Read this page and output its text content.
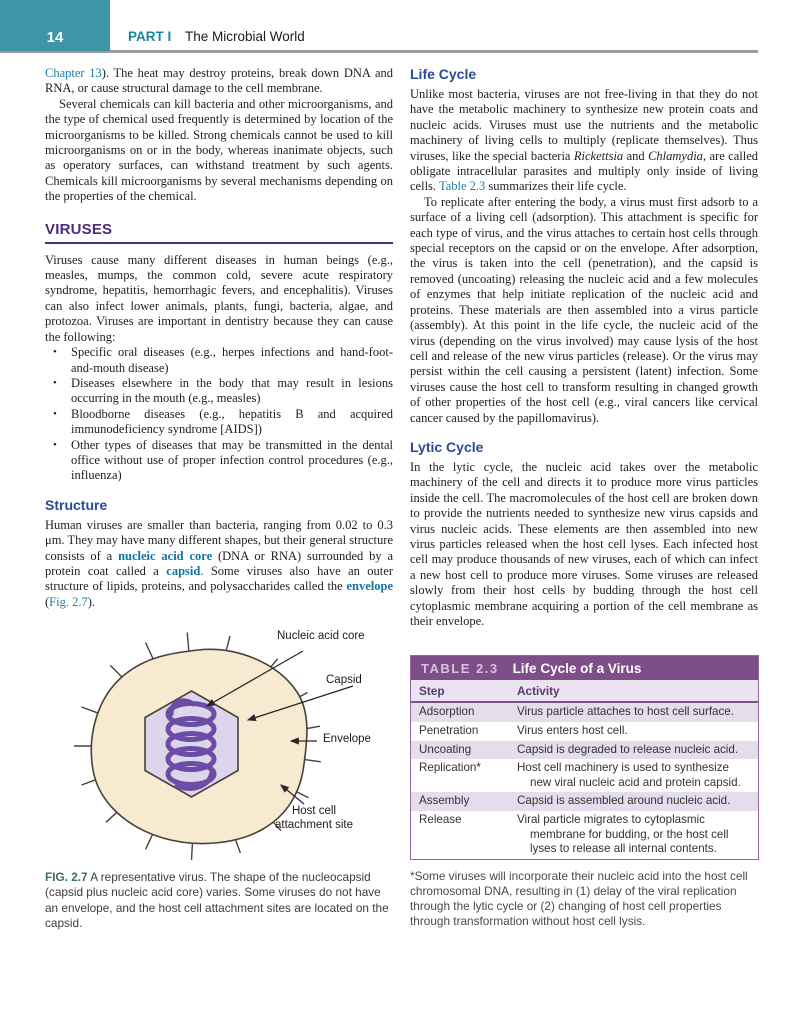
14	PART I The Microbial World

Chapter 13). The heat may destroy proteins, break down DNA and RNA, or cause structural damage to the cell membrane.

Several chemicals can kill bacteria and other microorganisms, and the type of chemical used frequently is determined by location of the microorganisms to be killed. Strong chemicals cannot be used to kill microorganisms on or in the body, whereas inanimate objects, such as operatory surfaces, can withstand treatment by such agents. Chemicals kill microorganisms by several mechanisms depending on the properties of the chemical.

VIRUSES

Viruses cause many different diseases in human beings (e.g., measles, mumps, the common cold, severe acute respiratory syndrome, hepatitis, hemorrhagic fevers, and encephalitis). Viruses can also infect lower animals, plants, fungi, bacteria, algae, and protozoa. Viruses are important in dentistry because they can cause the following:

• Specific oral diseases (e.g., herpes infections and hand-foot-and-mouth disease)
• Diseases elsewhere in the body that may result in lesions occurring in the mouth (e.g., measles)
• Bloodborne diseases (e.g., hepatitis B and acquired immunodeficiency syndrome [AIDS])
• Other types of diseases that may be transmitted in the dental office without use of proper infection control procedures (e.g., influenza)
Structure

Human viruses are smaller than bacteria, ranging from 0.02 to 0.3 μm. They may have many different shapes, but their general structure consists of a nucleic acid core (DNA or RNA) surrounded by a protein coat called a capsid. Some viruses also have an outer structure of lipids, proteins, and polysaccharides called the envelope (Fig. 2.7).

Nucleic acid core
Capsid
Envelope
Host cell
attachment site
FIG. 2.7 A representative virus. The shape of the nucleocapsid (capsid plus nucleic acid core) varies. Some viruses do not have an envelope, and the host cell attachment sites are located on the capsid.
Life Cycle

Unlike most bacteria, viruses are not free-living in that they do not have the metabolic machinery to synthesize new protein coats and nucleic acids. Viruses must use the nutrients and the metabolic machinery of living cells to multiply (replicate themselves). Thus viruses, like the special bacteria Rickettsia and Chlamydia, are called obligate intracellular parasites and multiply only inside of living cells. Table 2.3 summarizes their life cycle.

To replicate after entering the body, a virus must first adsorb to a surface of a living cell (adsorption). This attachment is specific for each type of virus, and the virus attaches to certain host cells through special receptors on the capsid or on the envelope. After adsorption, the virus is taken into the cell (penetration), and the capsid is removed (uncoating) releasing the nucleic acid and a few molecules of enzymes that help initiate replication of the nucleic acid and proteins. These materials are then assembled into a virus particle (assembly). At this point in the life cycle, the nucleic acid of the virus (depending on the virus involved) may cause lysis of the host cell and release of the new virus particles (release). Or the virus may persist within the cell causing a persistent (latent) infection. Some viruses cause the host cell to transform resulting in changed growth of other properties of the host cell (e.g., viral cancers like cervical cancer caused by the papillomavirus).

Lytic Cycle

In the lytic cycle, the nucleic acid takes over the metabolic machinery of the cell and directs it to produce more virus particles inside the cell. The macromolecules of the host cell are broken down to provide the nutrients needed to synthesize new virus capsids and virus nucleic acids. These elements are then assembled into new virus particles released when the host cell lyses. Each infected host cell may produce thousands of new viruses, each of which can infect a new host cell to produce more viruses. Some viruses are released slowly from their host cells by budding through the host cell cytoplasmic membrane acquiring a portion of the cell membrane as their envelope.

TABLE 2.3 Life Cycle of a Virus
Step	Activity
Adsorption	Virus particle attaches to host cell surface.

Penetration	Virus enters host cell.

Uncoating	Capsid is degraded to release nucleic acid.

Replication*	Host cell machinery is used to synthesize new viral nucleic acid and protein capsid.

Assembly	Capsid is assembled around nucleic acid.

Release	Viral particle migrates to cytoplasmic membrane for budding, or the host cell lyses to release all internal contents.
*Some viruses will incorporate their nucleic acid into the host cell chromosomal DNA, resulting in (1) delay of the viral replication through the lytic cycle or (2) changing of host cell properties through transformation without host cell lysis.
